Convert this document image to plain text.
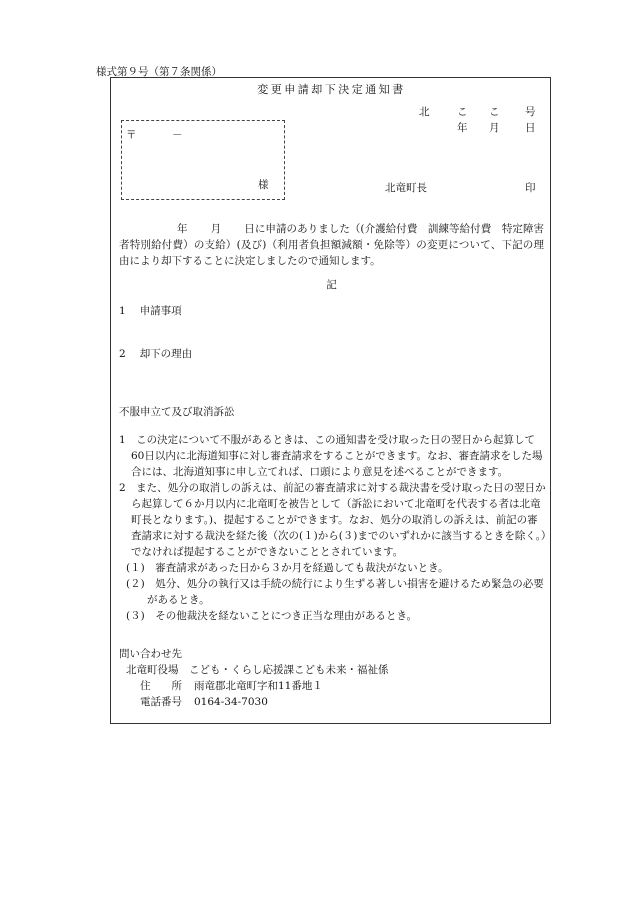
様式第９号（第７条関係）
変更申請却下決定通知書
北	こ こ 号
年 月 日
〒	－
様	北竜町長	印
年 月 日に申請のありました（(介護給付費　訓練等給付費　特定障害者特別給付費）の支給）(及び)（利用者負担額減額・免除等）の変更について、下記の理由により却下することに決定しましたので通知します。
記
1 申請事項
2 却下の理由
不服申立て及び取消訴訟

1　この決定について不服があるときは、この通知書を受け取った日の翌日から起算して60日以内に北海道知事に対し審査請求をすることができます。なお、審査請求をした場合には、北海道知事に申し立てれば、口頭により意見を述べることができます。

2　また、処分の取消しの訴えは、前記の審査請求に対する裁決書を受け取った日の翌日から起算して６か月以内に北竜町を被告として（訴訟において北竜町を代表する者は北竜町長となります。)、提起することができます。なお、処分の取消しの訴えは、前記の審査請求に対する裁決を経た後（次の(１)から(３)までのいずれかに該当するときを除く。）でなければ提起することができないこととされています。

(１)　審査請求があった日から３か月を経過しても裁決がないとき。

(２)　処分、処分の執行又は手続の続行により生ずる著しい損害を避けるため緊急の必要があるとき。

(３)　その他裁決を経ないことにつき正当な理由があるとき。

問い合わせ先
北竜町役場　こども・くらし応援課こども未来・福祉係
住　　所 雨竜郡北竜町字和11番地１
電話番号 0164-34-7030
